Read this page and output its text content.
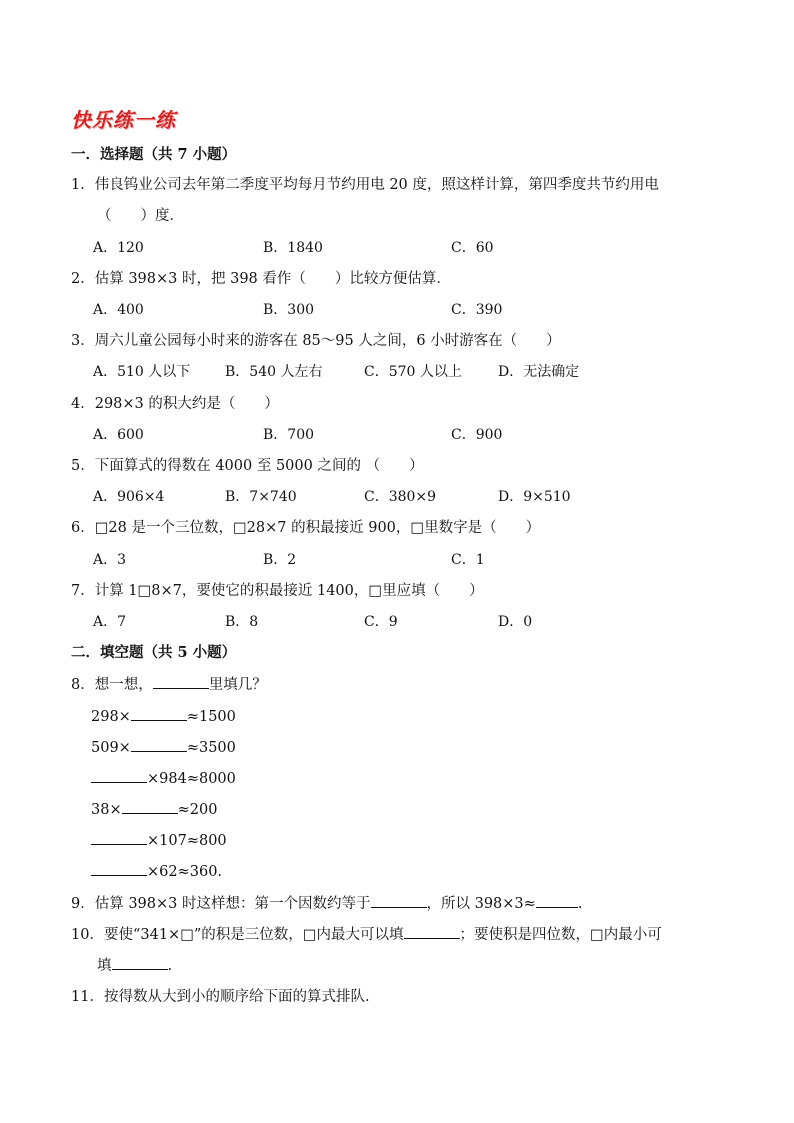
快乐练一练
一．选择题（共 7 小题）
1．伟良钨业公司去年第二季度平均每月节约用电 20 度，照这样计算，第四季度共节约用电
（　　）度．
A．120	B．1840	C．60
2．估算 398×3 时，把 398 看作（　　）比较方便估算．
A．400	B．300	C．390
3．周六儿童公园每小时来的游客在 85～95 人之间，6 小时游客在（　　）
A．510 人以下 B．540 人左右	C．570 人以上	D．无法确定
4．298×3 的积大约是（　　）
A．600	B．700	C．900
5．下面算式的得数在 4000 至 5000 之间的 （　　）
A．906×4	B．7×740	C．380×9	D．9×510
6．□28 是一个三位数，□28×7 的积最接近 900，□里数字是（　　）
A．3	B．2	C．1
7．计算 1□8×7，要使它的积最接近 1400，□里应填（　　）
A．7	B．8	C．9	D．0
二．填空题（共 5 小题）
8．想一想，	里填几？
298×	≈1500
509×	≈3500
×984≈8000
38×	≈200
×107≈800
×62≈360.
9．估算 398×3 时这样想：第一个因数约等于	，所以 398×3≈	.
10．要使“341×□”的积是三位数，□内最大可以填	；要使积是四位数，□内最小可
填	.
11．按得数从大到小的顺序给下面的算式排队.
